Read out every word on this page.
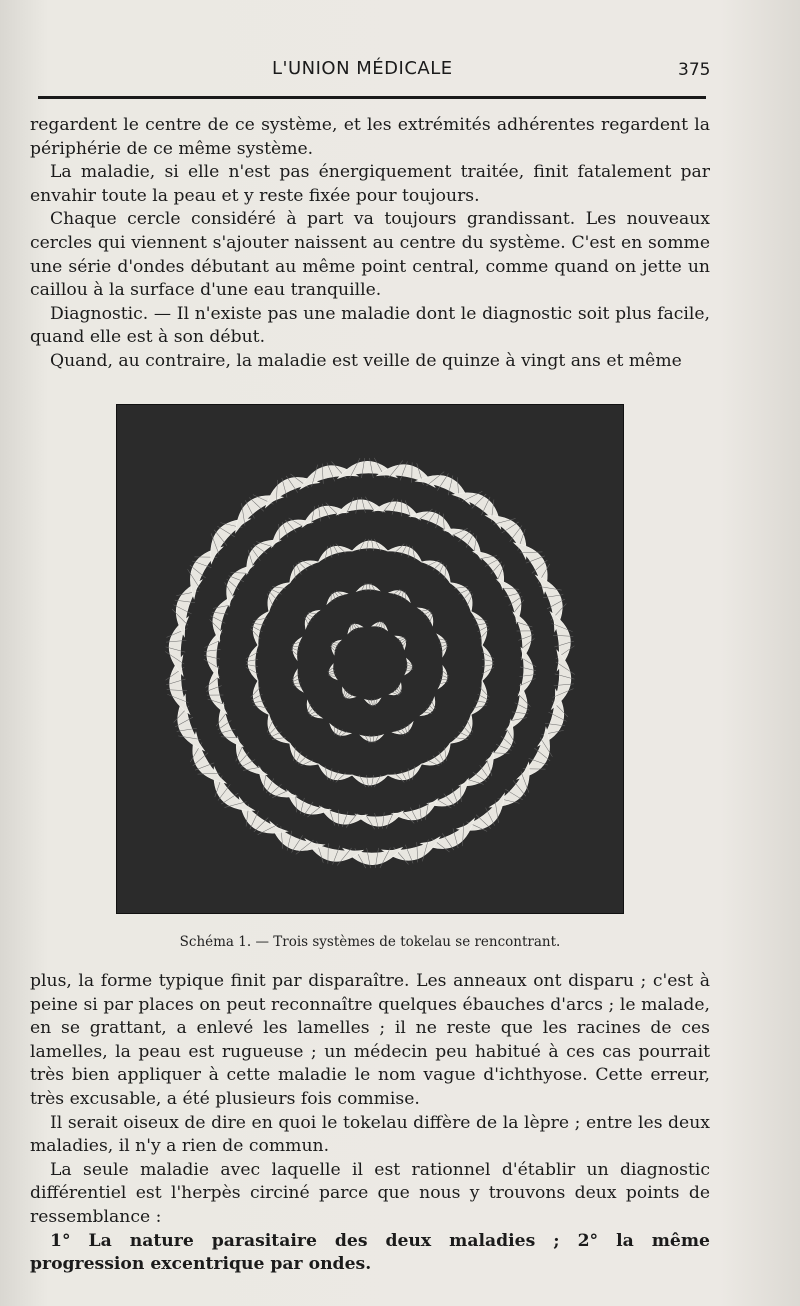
L'UNION MÉDICALE	375

regardent le centre de ce système, et les extrémités adhérentes regardent la périphérie de ce même système.

La maladie, si elle n'est pas énergiquement traitée, finit fatalement par envahir toute la peau et y reste fixée pour toujours.

Chaque cercle considéré à part va toujours grandissant. Les nouveaux cercles qui viennent s'ajouter naissent au centre du système. C'est en somme une série d'ondes débutant au même point central, comme quand on jette un caillou à la surface d'une eau tranquille.

Diagnostic. — Il n'existe pas une maladie dont le diagnostic soit plus facile, quand elle est à son début.

Quand, au contraire, la maladie est veille de quinze à vingt ans et même

Schéma 1. — Trois systèmes de tokelau se rencontrant.

plus, la forme typique finit par disparaître. Les anneaux ont disparu ; c'est à peine si par places on peut reconnaître quelques ébauches d'arcs ; le malade, en se grattant, a enlevé les lamelles ; il ne reste que les racines de ces lamelles, la peau est rugueuse ; un médecin peu habitué à ces cas pourrait très bien appliquer à cette maladie le nom vague d'ichthyose. Cette erreur, très excusable, a été plusieurs fois commise.

Il serait oiseux de dire en quoi le tokelau diffère de la lèpre ; entre les deux maladies, il n'y a rien de commun.

La seule maladie avec laquelle il est rationnel d'établir un diagnostic différentiel est l'herpès circiné parce que nous y trouvons deux points de ressemblance :

1° La nature parasitaire des deux maladies ; 2° la même progression excentrique par ondes.
